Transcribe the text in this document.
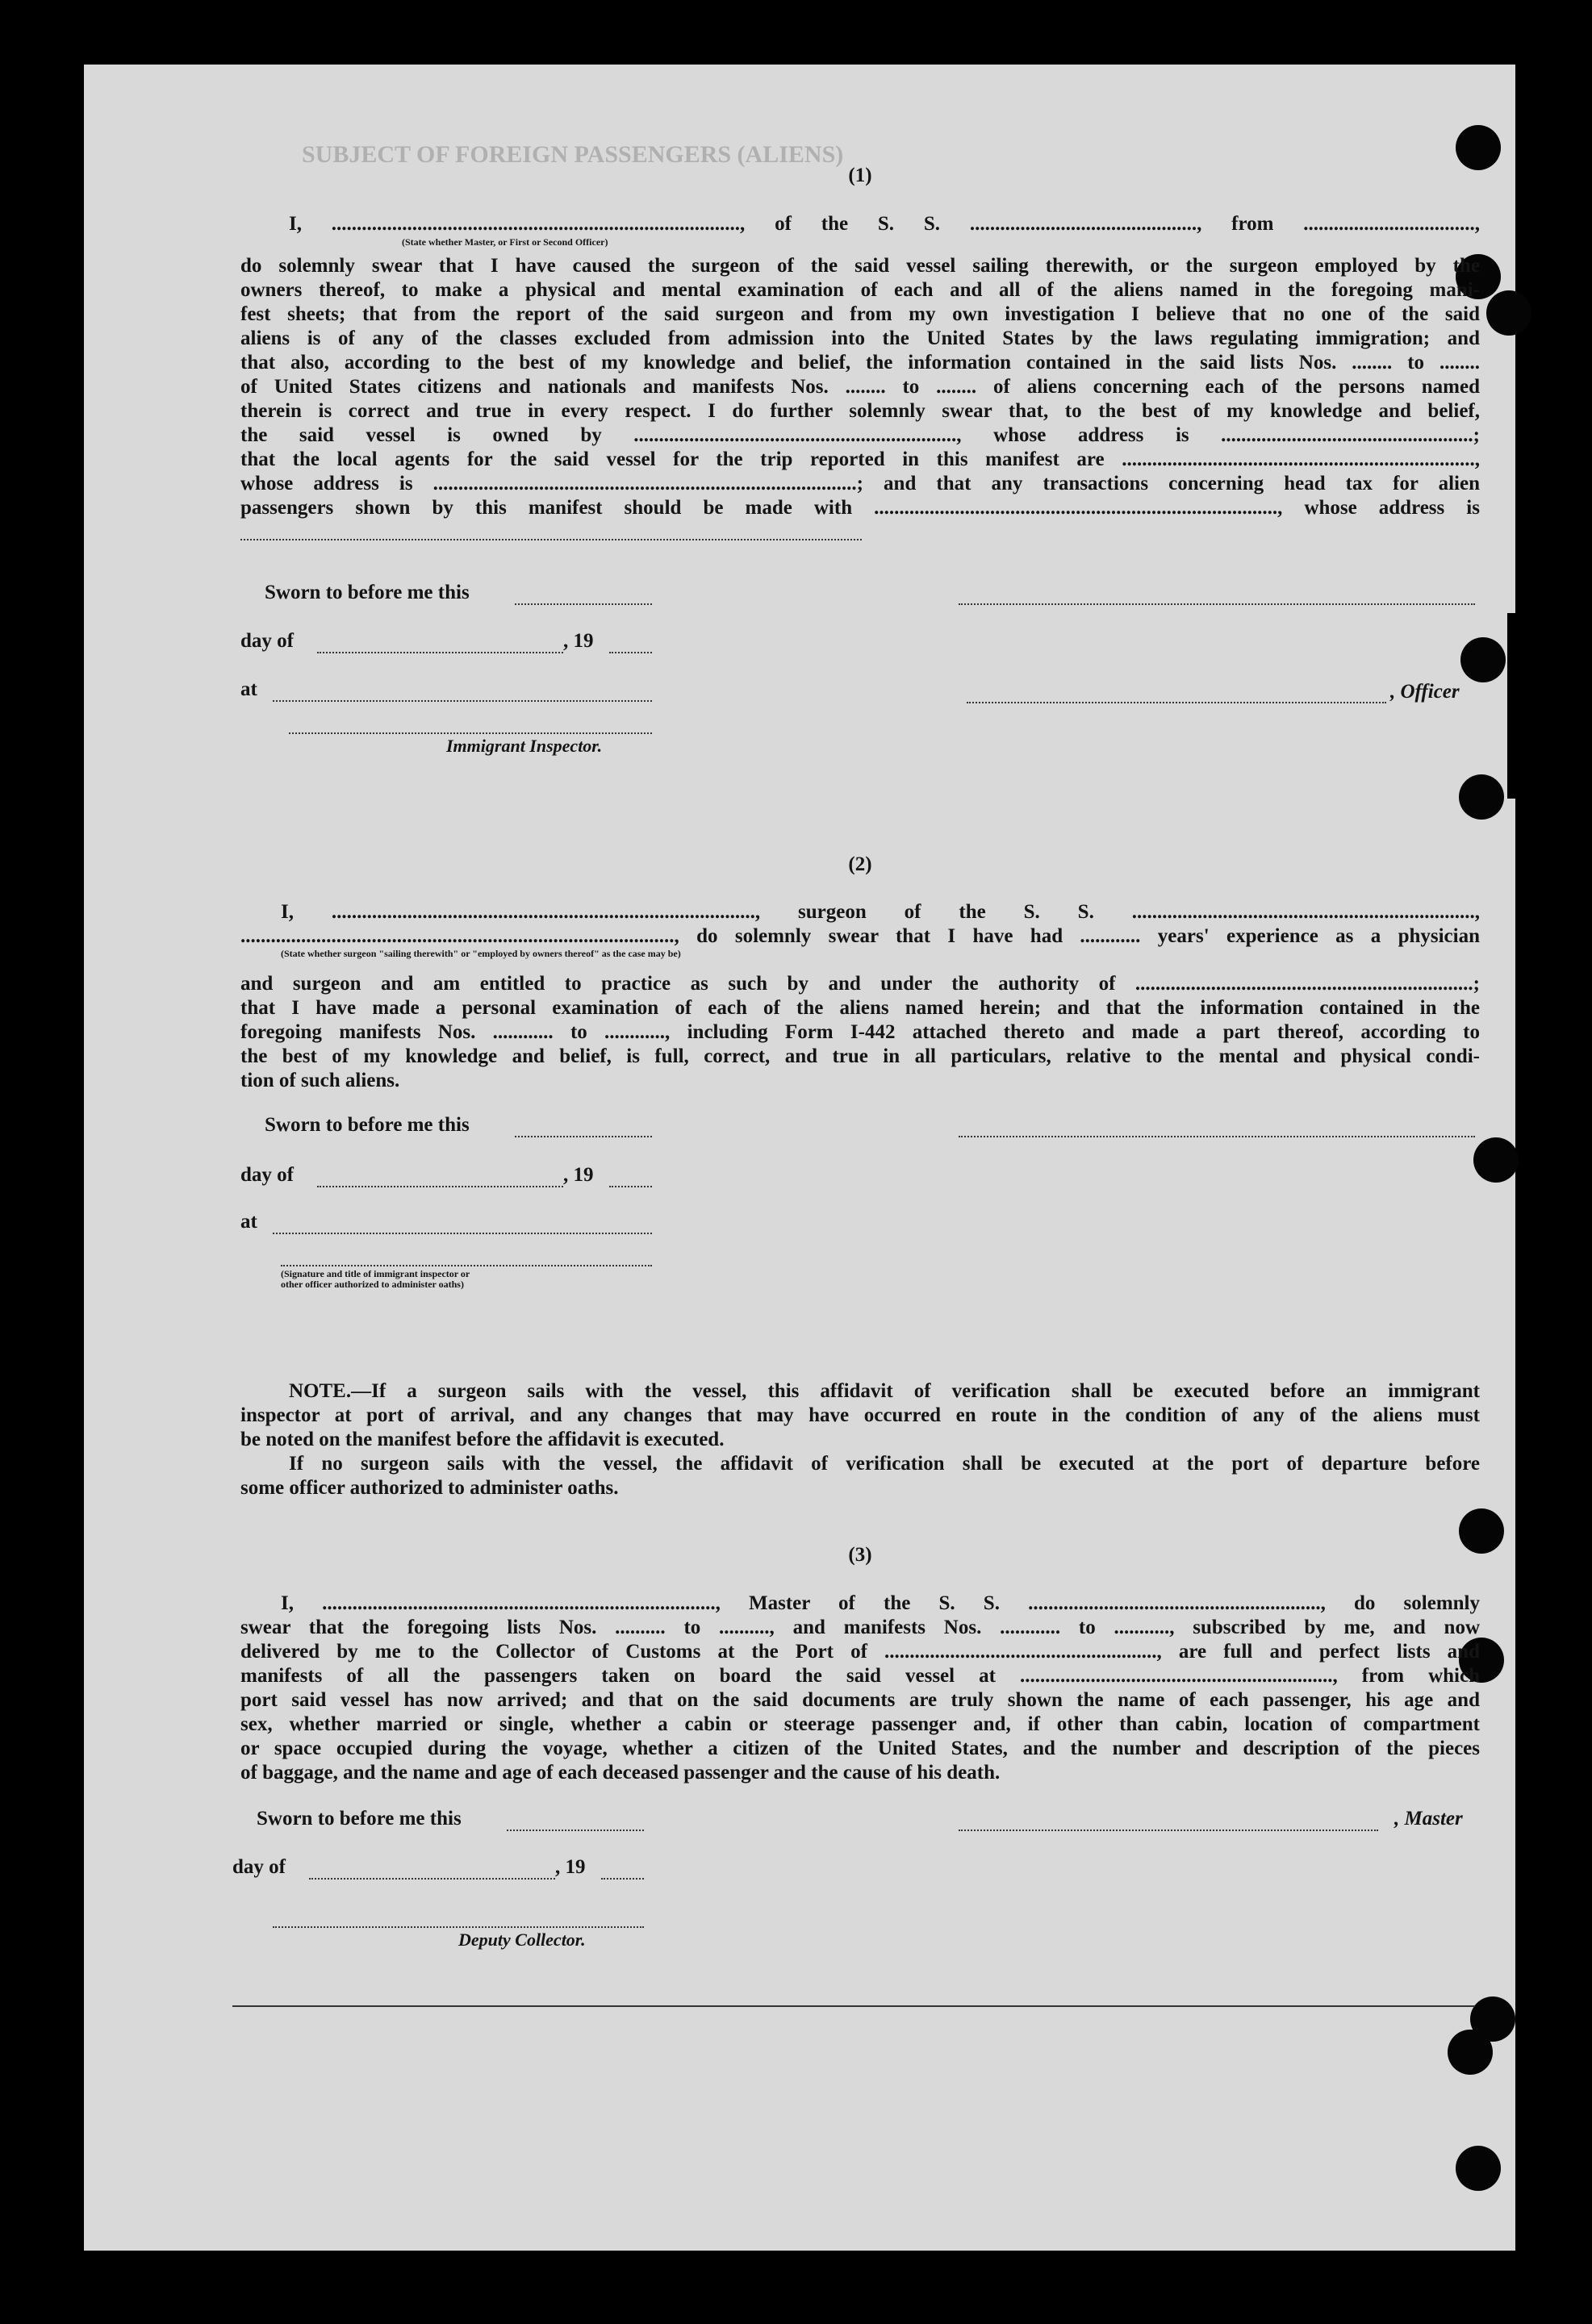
SUBJECT OF FOREIGN PASSENGERS (ALIENS)
(1)
I, ................................................................................., of the S. S. ............................................., from ..................................,
(State whether Master, or First or Second Officer)
do solemnly swear that I have caused the surgeon of the said vessel sailing therewith, or the surgeon employed by the
owners thereof, to make a physical and mental examination of each and all of the aliens named in the foregoing mani-
fest sheets; that from the report of the said surgeon and from my own investigation I believe that no one of the said
aliens is of any of the classes excluded from admission into the United States by the laws regulating immigration; and
that also, according to the best of my knowledge and belief, the information contained in the said lists Nos. ........ to ........
of United States citizens and nationals and manifests Nos. ........ to ........ of aliens concerning each of the persons named
therein is correct and true in every respect. I do further solemnly swear that, to the best of my knowledge and belief,
the said vessel is owned by ................................................................, whose address is ..................................................;
that the local agents for the said vessel for the trip reported in this manifest are ......................................................................,
whose address is ....................................................................................; and that any transactions concerning head tax for alien
passengers shown by this manifest should be made with ................................................................................, whose address is
Sworn to before me this
day of	, 19
, Officer
at
Immigrant Inspector.
(2)
I, ...................................................................................., surgeon of the S. S. ....................................................................,
......................................................................................, do solemnly swear that I have had ............ years' experience as a physician
(State whether surgeon "sailing therewith" or "employed by owners thereof" as the case may be)
and surgeon and am entitled to practice as such by and under the authority of ...................................................................;
that I have made a personal examination of each of the aliens named herein; and that the information contained in the
foregoing manifests Nos. ............ to ............, including Form I-442 attached thereto and made a part thereof, according to
the best of my knowledge and belief, is full, correct, and true in all particulars, relative to the mental and physical condi-
tion of such aliens.
Sworn to before me this
day of	, 19
at
(Signature and title of immigrant inspector or
other officer authorized to administer oaths)
NOTE.—If a surgeon sails with the vessel, this affidavit of verification shall be executed before an immigrant
inspector at port of arrival, and any changes that may have occurred en route in the condition of any of the aliens must
be noted on the manifest before the affidavit is executed.
If no surgeon sails with the vessel, the affidavit of verification shall be executed at the port of departure before
some officer authorized to administer oaths.
(3)
I, .............................................................................., Master of the S. S. .........................................................., do solemnly
swear that the foregoing lists Nos. .......... to .........., and manifests Nos. ............ to ..........., subscribed by me, and now
delivered by me to the Collector of Customs at the Port of ......................................................, are full and perfect lists and
manifests of all the passengers taken on board the said vessel at .............................................................., from which
port said vessel has now arrived; and that on the said documents are truly shown the name of each passenger, his age and
sex, whether married or single, whether a cabin or steerage passenger and, if other than cabin, location of compartment
or space occupied during the voyage, whether a citizen of the United States, and the number and description of the pieces
of baggage, and the name and age of each deceased passenger and the cause of his death.
Sworn to before me this	, Master
day of	, 19
Deputy Collector.
